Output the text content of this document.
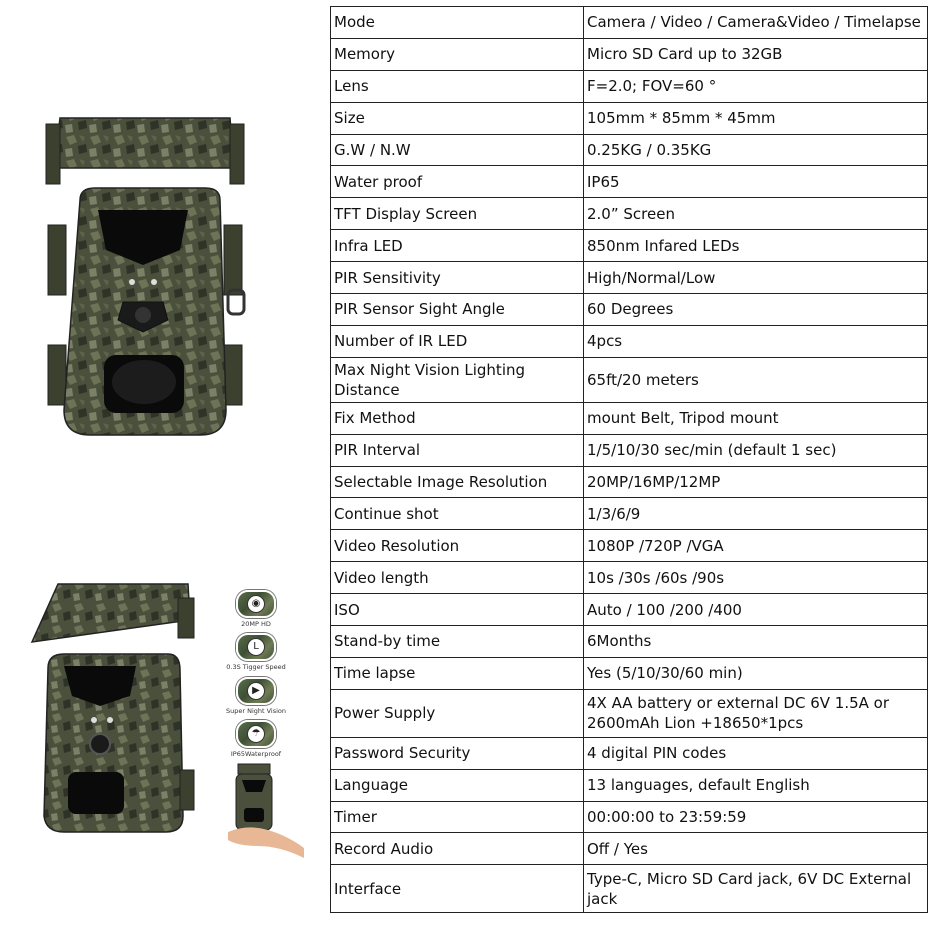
◉
20MP HD
L
0.3S Tigger Speed
▶
Super Night Vision
☂
IP65Waterproof
Mode	Camera / Video / Camera&Video / Timelapse
Memory	Micro SD Card up to 32GB
Lens	F=2.0; FOV=60 °
Size	105mm * 85mm * 45mm
G.W / N.W	0.25KG / 0.35KG
Water proof	IP65
TFT Display Screen	2.0” Screen
Infra LED	850nm Infared LEDs
PIR Sensitivity	High/Normal/Low
PIR Sensor Sight Angle	60 Degrees
Number of IR LED	4pcs
Max Night Vision Lighting Distance	65ft/20 meters
Fix Method	mount Belt, Tripod mount
PIR Interval	1/5/10/30 sec/min (default 1 sec)
Selectable Image Resolution	20MP/16MP/12MP
Continue shot	1/3/6/9
Video Resolution	1080P /720P /VGA
Video length	10s /30s /60s /90s
ISO	Auto / 100 /200 /400
Stand-by time	6Months
Time lapse	Yes (5/10/30/60 min)
Power Supply	4X AA battery or external DC 6V 1.5A or 2600mAh Lion +18650*1pcs
Password Security	4 digital PIN codes
Language	13 languages, default English
Timer	00:00:00 to 23:59:59
Record Audio	Off / Yes
Interface	Type-C, Micro SD Card jack, 6V DC External jack
